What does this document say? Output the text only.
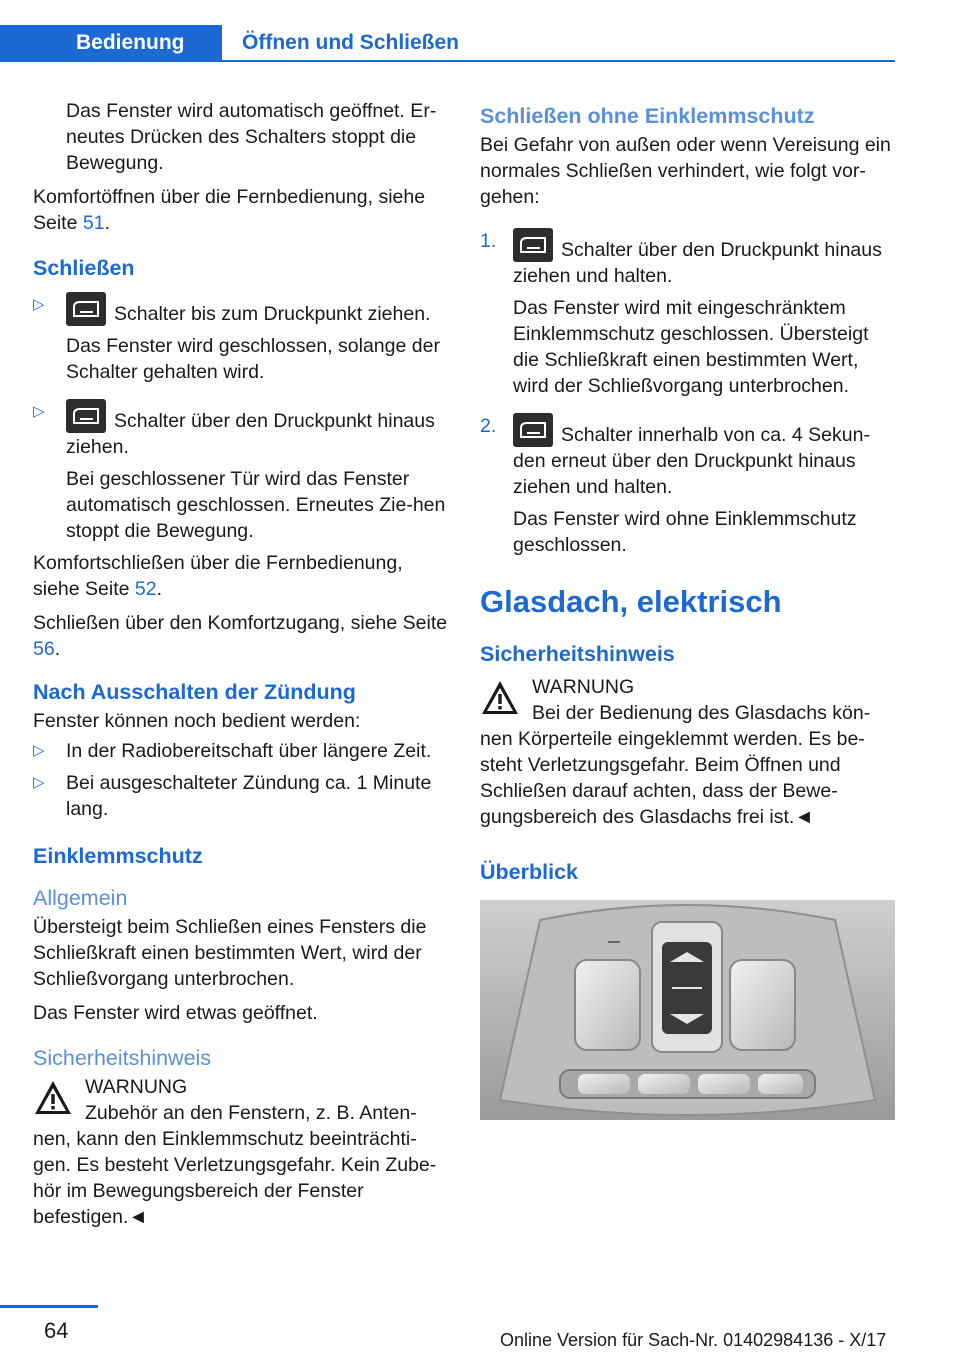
Bedienung	Öffnen und Schließen

Das Fenster wird automatisch geöffnet. Er-neutes Drücken des Schalters stoppt die Bewegung.

Komfortöffnen über die Fernbedienung, siehe Seite 51.

Schließen
▷	Schalter bis zum Druckpunkt ziehen.

Das Fenster wird geschlossen, solange der Schalter gehalten wird.

▷	Schalter über den Druckpunkt hinaus ziehen.

Bei geschlossener Tür wird das Fenster automatisch geschlossen. Erneutes Zie-hen stoppt die Bewegung.

Komfortschließen über die Fernbedienung, siehe Seite 52.

Schließen über den Komfortzugang, siehe Seite 56.

Nach Ausschalten der Zündung

Fenster können noch bedient werden:

▷	In der Radiobereitschaft über längere Zeit.

▷	Bei ausgeschalteter Zündung ca. 1 Minute lang.

Einklemmschutz
Allgemein

Übersteigt beim Schließen eines Fensters die Schließkraft einen bestimmten Wert, wird der Schließvorgang unterbrochen.

Das Fenster wird etwas geöffnet.

Sicherheitshinweis

WARNUNG

Zubehör an den Fenstern, z. B. Anten-

nen, kann den Einklemmschutz beeinträchti-gen. Es besteht Verletzungsgefahr. Kein Zube-hör im Bewegungsbereich der Fenster befestigen.◄

Schließen ohne Einklemmschutz

Bei Gefahr von außen oder wenn Vereisung ein normales Schließen verhindert, wie folgt vor-gehen:

1.	Schalter über den Druckpunkt hinaus ziehen und halten.

Das Fenster wird mit eingeschränktem Einklemmschutz geschlossen. Übersteigt die Schließkraft einen bestimmten Wert, wird der Schließvorgang unterbrochen.

2.	Schalter innerhalb von ca. 4 Sekun-den erneut über den Druckpunkt hinaus ziehen und halten.

Das Fenster wird ohne Einklemmschutz geschlossen.

Glasdach, elektrisch
Sicherheitshinweis

WARNUNG

Bei der Bedienung des Glasdachs kön-

nen Körperteile eingeklemmt werden. Es be-steht Verletzungsgefahr. Beim Öffnen und Schließen darauf achten, dass der Bewe-gungsbereich des Glasdachs frei ist.◄

Überblick
64	Online Version für Sach-Nr. 01402984136 - X/17
